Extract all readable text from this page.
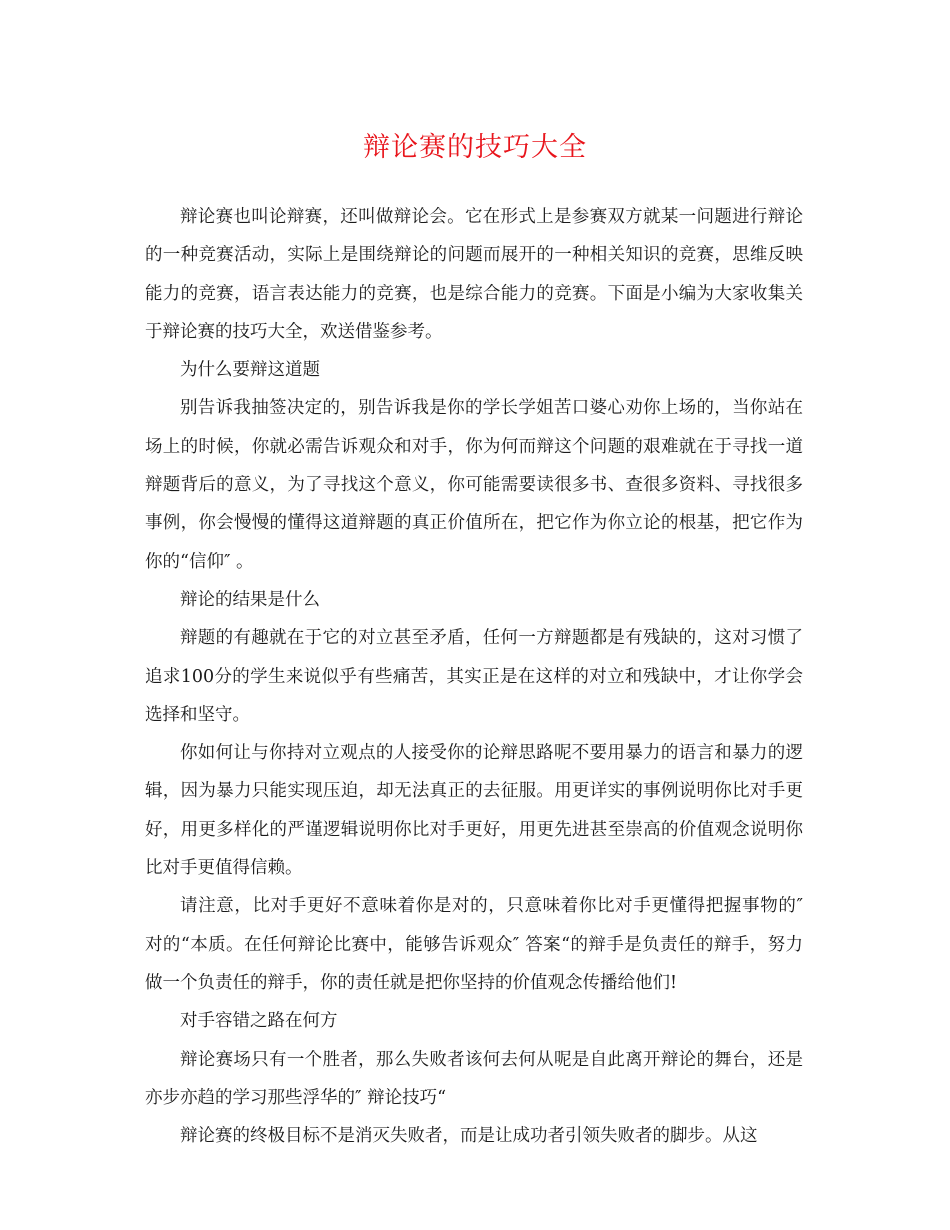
辩论赛的技巧大全

辩论赛也叫论辩赛，还叫做辩论会。它在形式上是参赛双方就某一问题进行辩论的一种竞赛活动，实际上是围绕辩论的问题而展开的一种相关知识的竞赛，思维反映能力的竞赛，语言表达能力的竞赛，也是综合能力的竞赛。下面是小编为大家收集关于辩论赛的技巧大全，欢送借鉴参考。

为什么要辩这道题

别告诉我抽签决定的，别告诉我是你的学长学姐苦口婆心劝你上场的，当你站在场上的时候，你就必需告诉观众和对手，你为何而辩这个问题的艰难就在于寻找一道辩题背后的意义，为了寻找这个意义，你可能需要读很多书、查很多资料、寻找很多事例，你会慢慢的懂得这道辩题的真正价值所在，把它作为你立论的根基，把它作为你的“信仰″ 。

辩论的结果是什么

辩题的有趣就在于它的对立甚至矛盾，任何一方辩题都是有残缺的，这对习惯了追求100分的学生来说似乎有些痛苦，其实正是在这样的对立和残缺中，才让你学会选择和坚守。

你如何让与你持对立观点的人接受你的论辩思路呢不要用暴力的语言和暴力的逻辑，因为暴力只能实现压迫，却无法真正的去征服。用更详实的事例说明你比对手更好，用更多样化的严谨逻辑说明你比对手更好，用更先进甚至崇高的价值观念说明你比对手更值得信赖。

请注意，比对手更好不意味着你是对的，只意味着你比对手更懂得把握事物的″ 对的“本质。在任何辩论比赛中，能够告诉观众″ 答案“的辩手是负责任的辩手，努力做一个负责任的辩手，你的责任就是把你坚持的价值观念传播给他们!

对手容错之路在何方

辩论赛场只有一个胜者，那么失败者该何去何从呢是自此离开辩论的舞台，还是亦步亦趋的学习那些浮华的″ 辩论技巧“

辩论赛的终极目标不是消灭失败者，而是让成功者引领失败者的脚步。从这
